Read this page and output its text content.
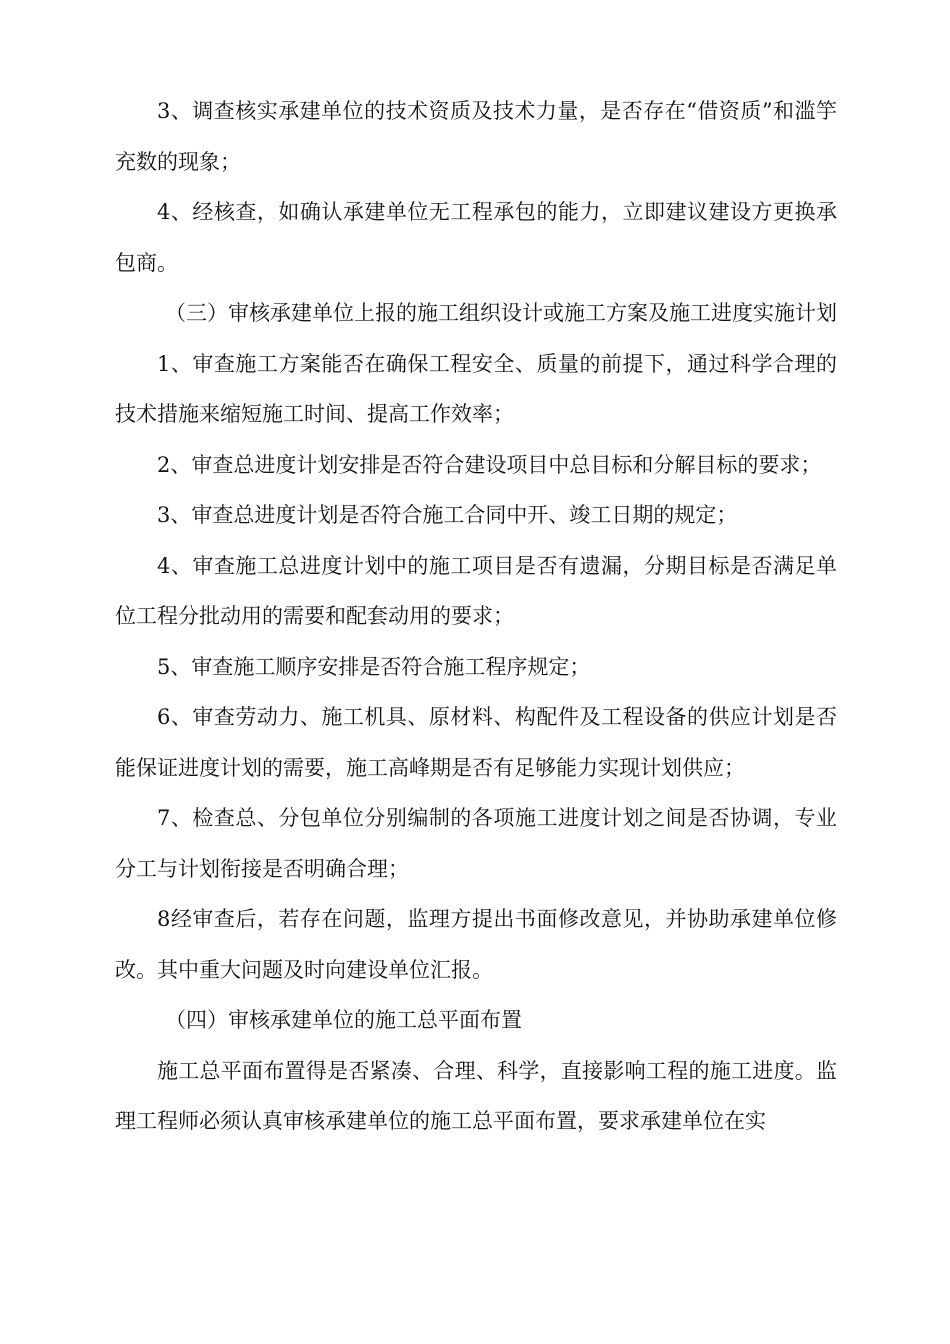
3、调查核实承建单位的技术资质及技术力量，是否存在“借资质”和滥竽充数的现象；

4、经核查，如确认承建单位无工程承包的能力，立即建议建设方更换承包商。

（三）审核承建单位上报的施工组织设计或施工方案及施工进度实施计划

1、审查施工方案能否在确保工程安全、质量的前提下，通过科学合理的技术措施来缩短施工时间、提高工作效率；

2、审查总进度计划安排是否符合建设项目中总目标和分解目标的要求；

3、审查总进度计划是否符合施工合同中开、竣工日期的规定；

4、审查施工总进度计划中的施工项目是否有遗漏，分期目标是否满足单位工程分批动用的需要和配套动用的要求；

5、审查施工顺序安排是否符合施工程序规定；

6、审查劳动力、施工机具、原材料、构配件及工程设备的供应计划是否能保证进度计划的需要，施工高峰期是否有足够能力实现计划供应；

7、检查总、分包单位分别编制的各项施工进度计划之间是否协调，专业分工与计划衔接是否明确合理；

8经审查后，若存在问题，监理方提出书面修改意见，并协助承建单位修改。其中重大问题及时向建设单位汇报。

（四）审核承建单位的施工总平面布置

施工总平面布置得是否紧凑、合理、科学，直接影响工程的施工进度。监理工程师必须认真审核承建单位的施工总平面布置，要求承建单位在实
